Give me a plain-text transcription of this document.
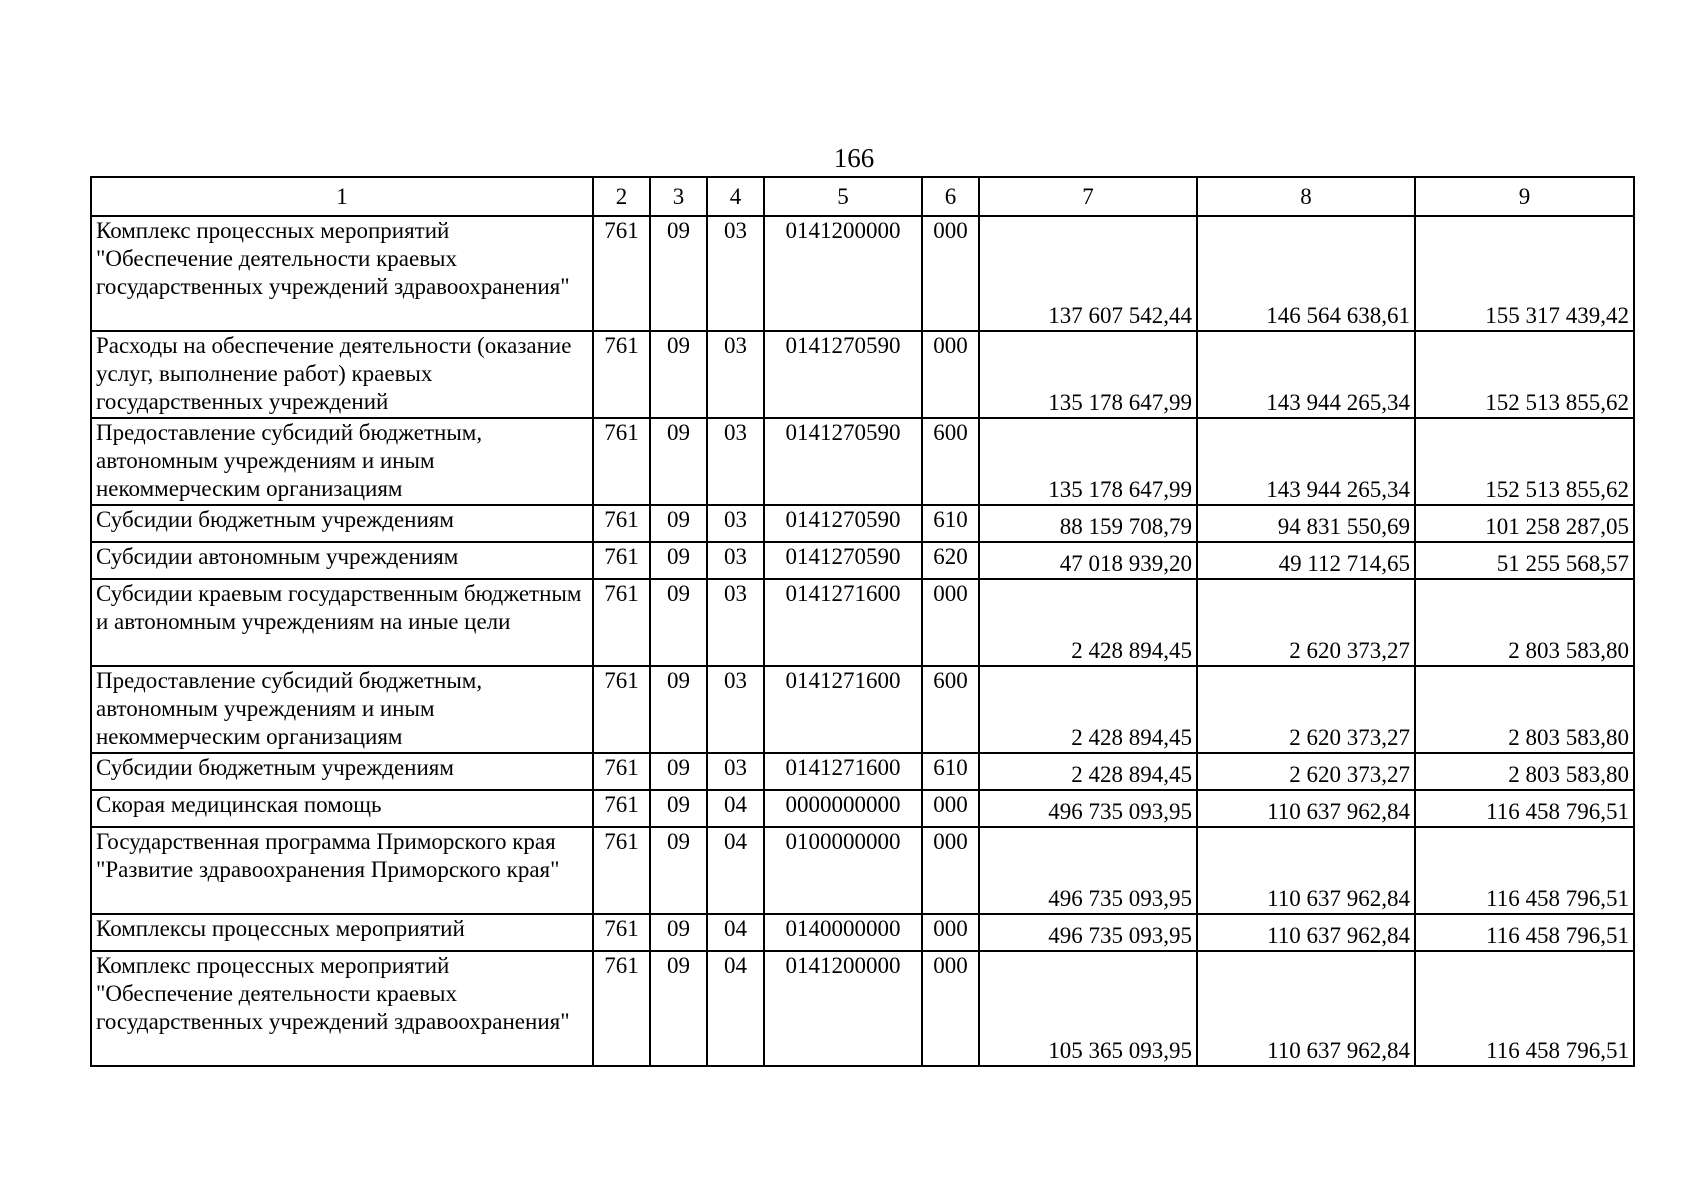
166
1	2	3	4	5	6	7	8	9
Комплекс процессных мероприятий "Обеспечение деятельности краевых государственных учреждений здравоохранения"	761	09	03	0141200000	000	137 607 542,44	146 564 638,61	155 317 439,42
Расходы на обеспечение деятельности (оказание услуг, выполнение работ) краевых государственных учреждений	761	09	03	0141270590	000	135 178 647,99	143 944 265,34	152 513 855,62
Предоставление субсидий бюджетным, автономным учреждениям и иным некоммерческим организациям	761	09	03	0141270590	600	135 178 647,99	143 944 265,34	152 513 855,62
Субсидии бюджетным учреждениям	761	09	03	0141270590	610	88 159 708,79	94 831 550,69	101 258 287,05
Субсидии автономным учреждениям	761	09	03	0141270590	620	47 018 939,20	49 112 714,65	51 255 568,57
Субсидии краевым государственным бюджетным и автономным учреждениям на иные цели	761	09	03	0141271600	000	2 428 894,45	2 620 373,27	2 803 583,80
Предоставление субсидий бюджетным, автономным учреждениям и иным некоммерческим организациям	761	09	03	0141271600	600	2 428 894,45	2 620 373,27	2 803 583,80
Субсидии бюджетным учреждениям	761	09	03	0141271600	610	2 428 894,45	2 620 373,27	2 803 583,80
Скорая медицинская помощь	761	09	04	0000000000	000	496 735 093,95	110 637 962,84	116 458 796,51
Государственная программа Приморского края "Развитие здравоохранения Приморского края"	761	09	04	0100000000	000	496 735 093,95	110 637 962,84	116 458 796,51
Комплексы процессных мероприятий	761	09	04	0140000000	000	496 735 093,95	110 637 962,84	116 458 796,51
Комплекс процессных мероприятий "Обеспечение деятельности краевых государственных учреждений здравоохранения"	761	09	04	0141200000	000	105 365 093,95	110 637 962,84	116 458 796,51
